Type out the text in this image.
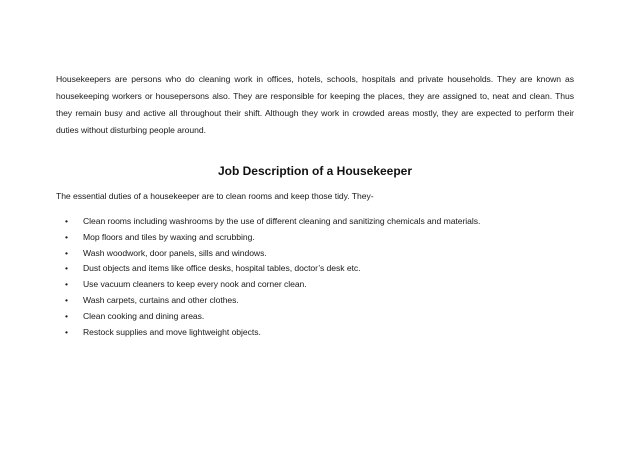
Housekeepers are persons who do cleaning work in offices, hotels, schools, hospitals and private households. They are known as housekeeping workers or housepersons also. They are responsible for keeping the places, they are assigned to, neat and clean. Thus they remain busy and active all throughout their shift. Although they work in crowded areas mostly, they are expected to perform their duties without disturbing people around.

Job Description of a Housekeeper

The essential duties of a housekeeper are to clean rooms and keep those tidy. They-

• Clean rooms including washrooms by the use of different cleaning and sanitizing chemicals and materials.
• Mop floors and tiles by waxing and scrubbing.
• Wash woodwork, door panels, sills and windows.
• Dust objects and items like office desks, hospital tables, doctor’s desk etc.
• Use vacuum cleaners to keep every nook and corner clean.
• Wash carpets, curtains and other clothes.
• Clean cooking and dining areas.
• Restock supplies and move lightweight objects.
